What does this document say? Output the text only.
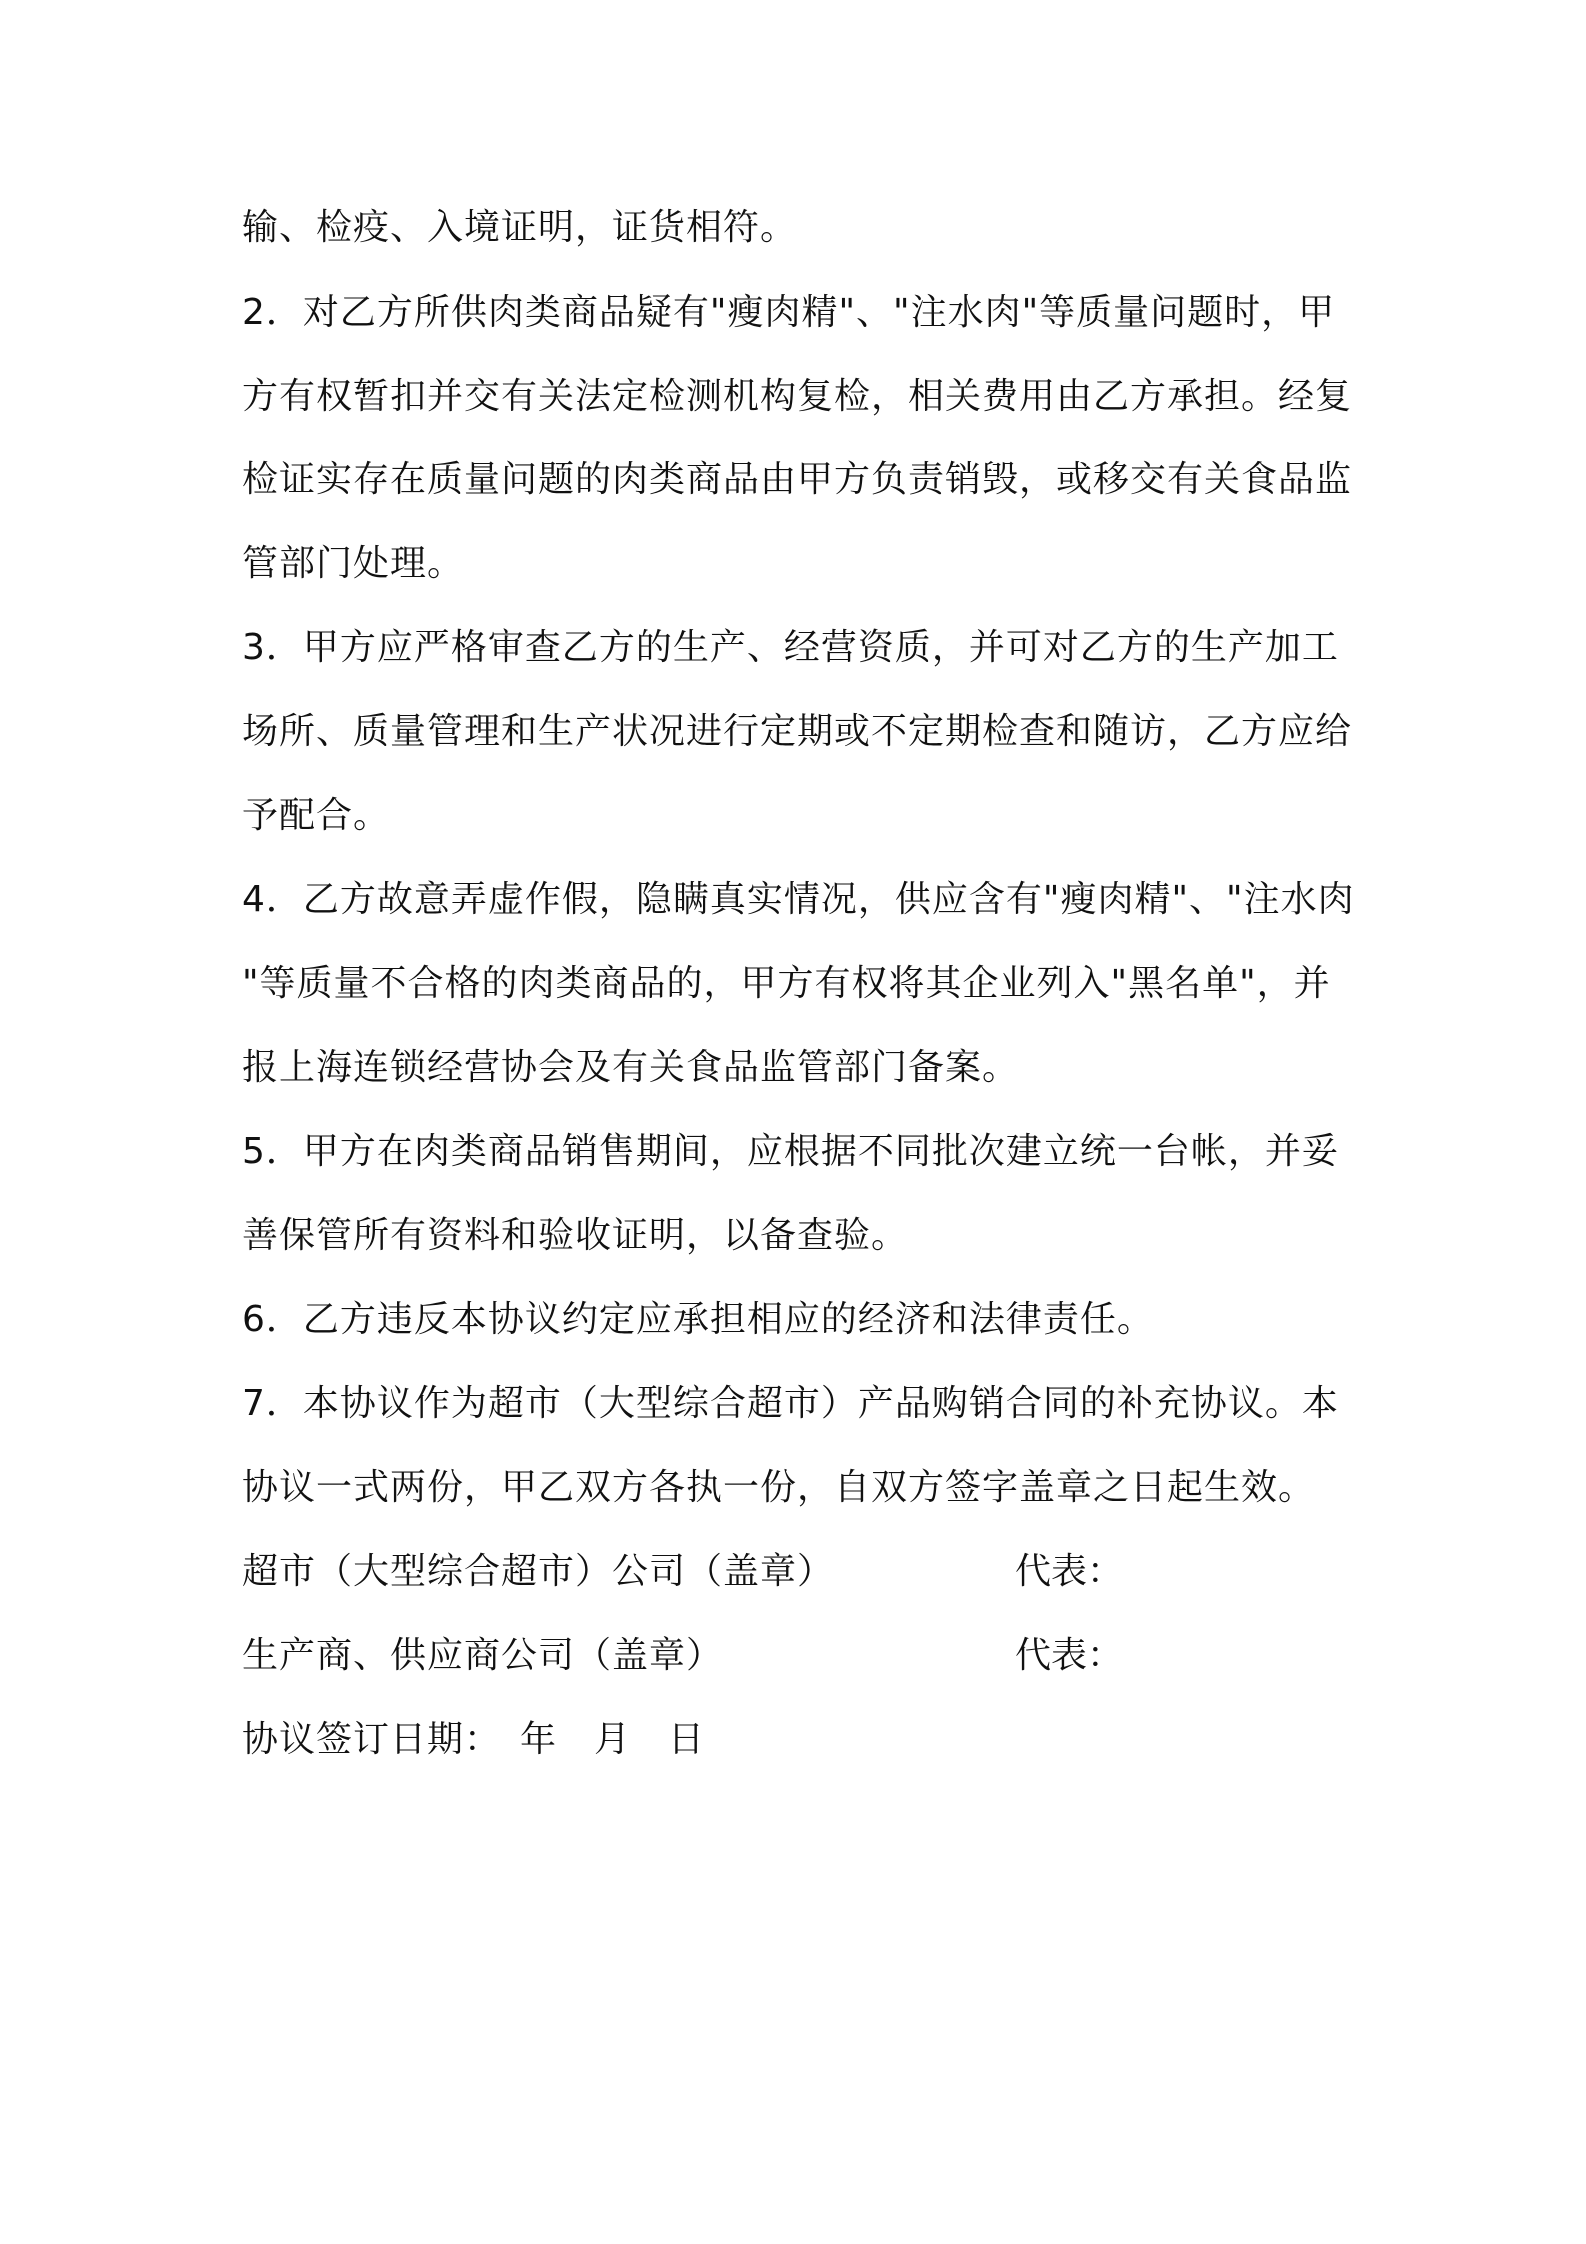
输、检疫、入境证明，证货相符。
2．对乙方所供肉类商品疑有"瘦肉精"、"注水肉"等质量问题时，甲
方有权暂扣并交有关法定检测机构复检，相关费用由乙方承担。经复
检证实存在质量问题的肉类商品由甲方负责销毁，或移交有关食品监
管部门处理。
3．甲方应严格审查乙方的生产、经营资质，并可对乙方的生产加工
场所、质量管理和生产状况进行定期或不定期检查和随访，乙方应给
予配合。
4．乙方故意弄虚作假，隐瞒真实情况，供应含有"瘦肉精"、"注水肉
"等质量不合格的肉类商品的，甲方有权将其企业列入"黑名单"，并
报上海连锁经营协会及有关食品监管部门备案。
5．甲方在肉类商品销售期间，应根据不同批次建立统一台帐，并妥
善保管所有资料和验收证明，以备查验。
6．乙方违反本协议约定应承担相应的经济和法律责任。
7．本协议作为超市（大型综合超市）产品购销合同的补充协议。本
协议一式两份，甲乙双方各执一份，自双方签字盖章之日起生效。
超市（大型综合超市）公司（盖章）	代表：
生产商、供应商公司（盖章）	代表：
协议签订日期：　年　月　日
